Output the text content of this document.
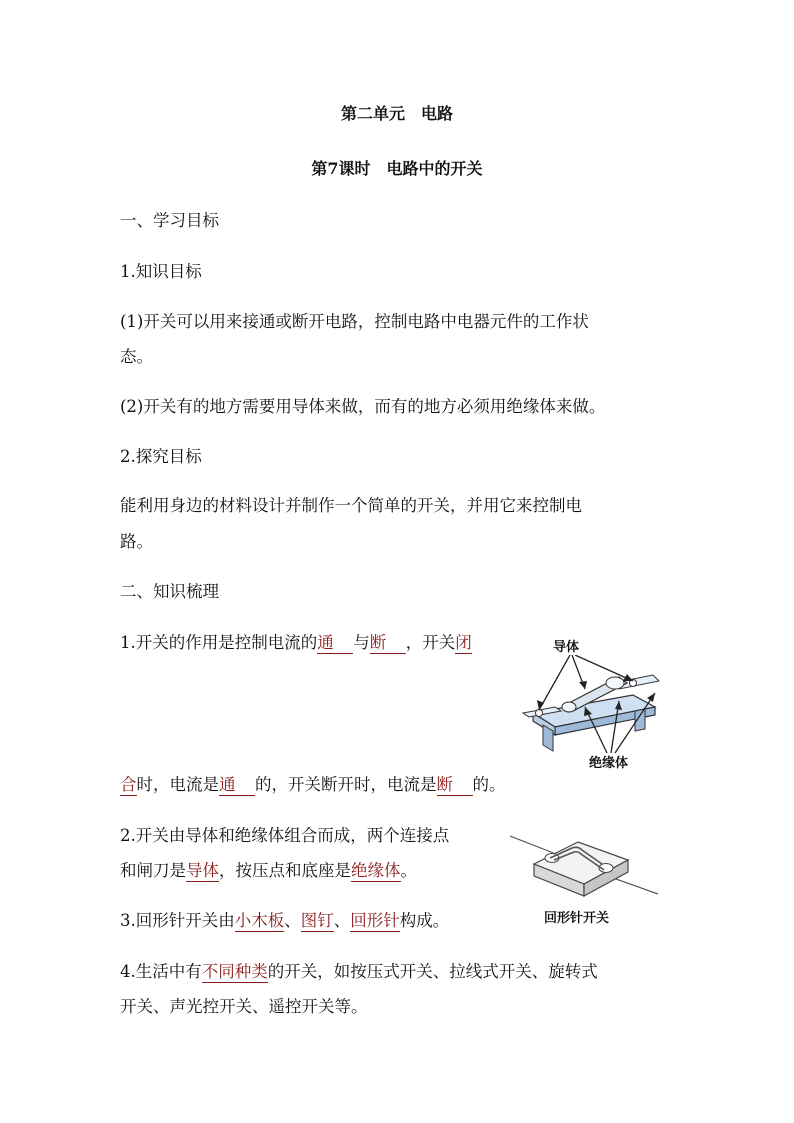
第二单元　电路
第7课时　电路中的开关
一、学习目标
1.知识目标
(1)开关可以用来接通或断开电路，控制电路中电器元件的工作状
态。
(2)开关有的地方需要用导体来做，而有的地方必须用绝缘体来做。
2.探究目标
能利用身边的材料设计并制作一个简单的开关，并用它来控制电
路。
二、知识梳理
1.开关的作用是控制电流的通 与断 ，开关闭
合时，电流是通 的，开关断开时，电流是断 的。
2.开关由导体和绝缘体组合而成，两个连接点
和闸刀是导体，按压点和底座是绝缘体。
3.回形针开关由小木板、图钉、回形针构成。
4.生活中有不同种类的开关，如按压式开关、拉线式开关、旋转式
开关、声光控开关、遥控开关等。
导体
绝缘体
回形针开关
